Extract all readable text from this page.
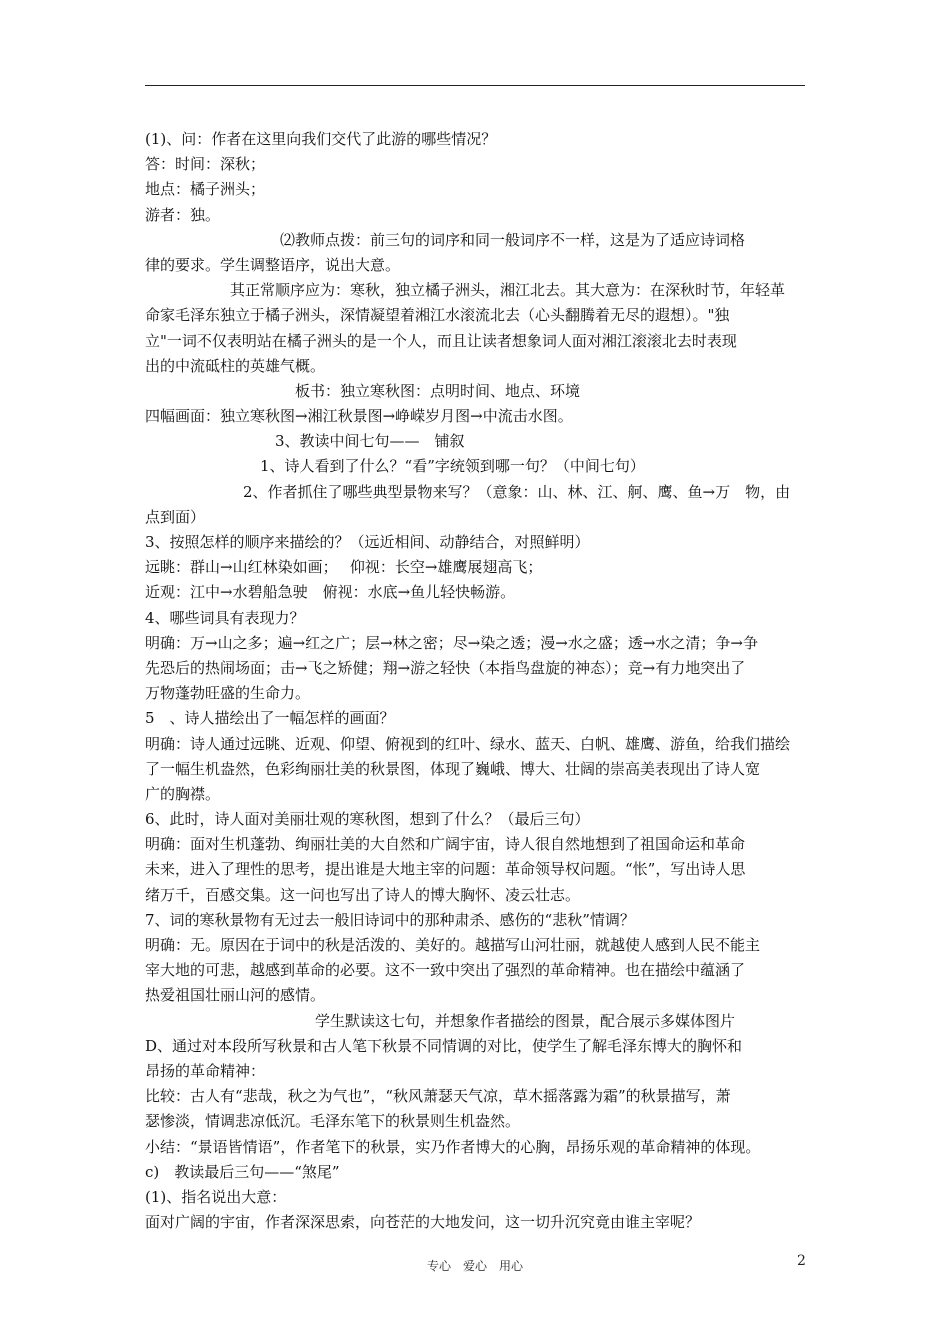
(1)、问：作者在这里向我们交代了此游的哪些情况？
答：时间：深秋；
地点：橘子洲头；
游者：独。
⑵教师点拨：前三句的词序和同一般词序不一样，这是为了适应诗词格
律的要求。学生调整语序，说出大意。
其正常顺序应为：寒秋，独立橘子洲头，湘江北去。其大意为：在深秋时节，年轻革
命家毛泽东独立于橘子洲头，深情凝望着湘江水滚流北去（心头翻腾着无尽的遐想）。"独
立"一词不仅表明站在橘子洲头的是一个人，而且让读者想象词人面对湘江滚滚北去时表现
出的中流砥柱的英雄气概。
板书：独立寒秋图：点明时间、地点、环境
四幅画面：独立寒秋图→湘江秋景图→峥嵘岁月图→中流击水图。
3、教读中间七句——　铺叙
1、诗人看到了什么？“看”字统领到哪一句？（中间七句）
2、作者抓住了哪些典型景物来写？（意象：山、林、江、舸、鹰、鱼→万　物，由
点到面）
3、按照怎样的顺序来描绘的？（远近相间、动静结合，对照鲜明）
远眺：群山→山红林染如画；　 仰视：长空→雄鹰展翅高飞；
近观：江中→水碧船急驶　俯视：水底→鱼儿轻快畅游。
4、哪些词具有表现力？
明确：万→山之多；遍→红之广；层→林之密；尽→染之透；漫→水之盛；透→水之清；争→争
先恐后的热闹场面；击→飞之矫健；翔→游之轻快（本指鸟盘旋的神态）；竞→有力地突出了
万物蓬勃旺盛的生命力。
5　、诗人描绘出了一幅怎样的画面？
明确：诗人通过远眺、近观、仰望、俯视到的红叶、绿水、蓝天、白帆、雄鹰、游鱼，给我们描绘
了一幅生机盎然，色彩绚丽壮美的秋景图，体现了巍峨、博大、壮阔的崇高美表现出了诗人宽
广的胸襟。
6、此时，诗人面对美丽壮观的寒秋图，想到了什么？（最后三句）
明确：面对生机蓬勃、绚丽壮美的大自然和广阔宇宙，诗人很自然地想到了祖国命运和革命
未来，进入了理性的思考，提出谁是大地主宰的问题：革命领导权问题。“怅”，写出诗人思
绪万千，百感交集。这一问也写出了诗人的博大胸怀、凌云壮志。
7、词的寒秋景物有无过去一般旧诗词中的那种肃杀、感伤的“悲秋”情调？
明确：无。原因在于词中的秋是活泼的、美好的。越描写山河壮丽，就越使人感到人民不能主
宰大地的可悲，越感到革命的必要。这不一致中突出了强烈的革命精神。也在描绘中蕴涵了
热爱祖国壮丽山河的感情。
学生默读这七句，并想象作者描绘的图景，配合展示多媒体图片
D、通过对本段所写秋景和古人笔下秋景不同情调的对比，使学生了解毛泽东博大的胸怀和
昂扬的革命精神：
比较：古人有“悲哉，秋之为气也”，“秋风萧瑟天气凉，草木摇落露为霜”的秋景描写，萧
瑟惨淡，情调悲凉低沉。毛泽东笔下的秋景则生机盎然。
小结：“景语皆情语”，作者笔下的秋景，实乃作者博大的心胸，昂扬乐观的革命精神的体现。
c)　教读最后三句——“煞尾”
(1)、指名说出大意：
面对广阔的宇宙，作者深深思索，向苍茫的大地发问，这一切升沉究竟由谁主宰呢？
专心　爱心　用心	2
